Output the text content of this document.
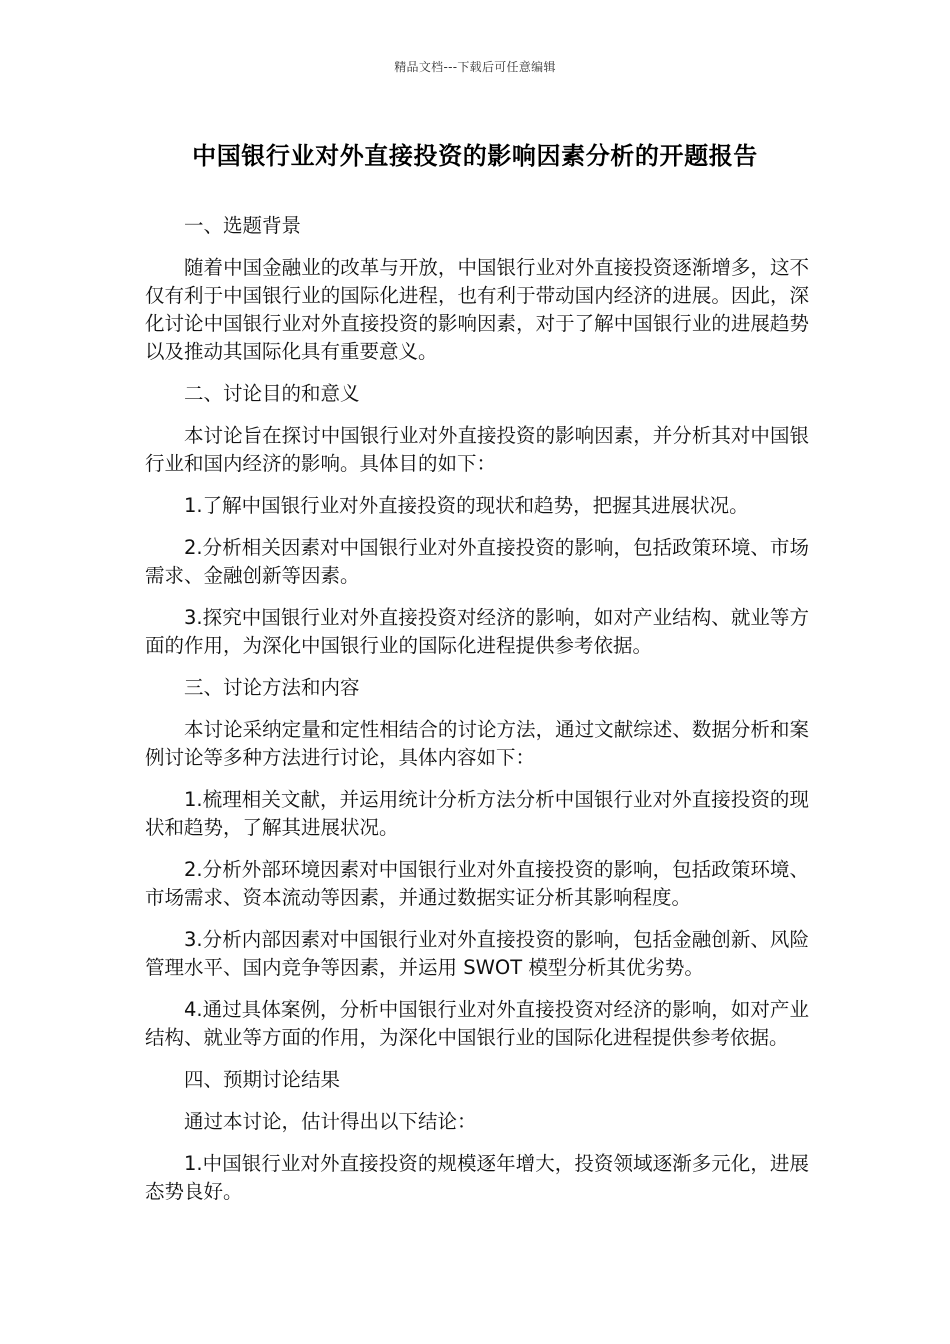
精品文档---下载后可任意编辑
中国银行业对外直接投资的影响因素分析的开题报告
一、选题背景
随着中国金融业的改革与开放，中国银行业对外直接投资逐渐增多，这不仅有利于中国银行业的国际化进程，也有利于带动国内经济的进展。因此，深化讨论中国银行业对外直接投资的影响因素，对于了解中国银行业的进展趋势以及推动其国际化具有重要意义。
二、讨论目的和意义
本讨论旨在探讨中国银行业对外直接投资的影响因素，并分析其对中国银行业和国内经济的影响。具体目的如下：
1.了解中国银行业对外直接投资的现状和趋势，把握其进展状况。
2.分析相关因素对中国银行业对外直接投资的影响，包括政策环境、市场需求、金融创新等因素。
3.探究中国银行业对外直接投资对经济的影响，如对产业结构、就业等方面的作用，为深化中国银行业的国际化进程提供参考依据。
三、讨论方法和内容
本讨论采纳定量和定性相结合的讨论方法，通过文献综述、数据分析和案例讨论等多种方法进行讨论，具体内容如下：
1.梳理相关文献，并运用统计分析方法分析中国银行业对外直接投资的现状和趋势，了解其进展状况。
2.分析外部环境因素对中国银行业对外直接投资的影响，包括政策环境、市场需求、资本流动等因素，并通过数据实证分析其影响程度。
3.分析内部因素对中国银行业对外直接投资的影响，包括金融创新、风险管理水平、国内竞争等因素，并运用 SWOT 模型分析其优劣势。
4.通过具体案例，分析中国银行业对外直接投资对经济的影响，如对产业结构、就业等方面的作用，为深化中国银行业的国际化进程提供参考依据。
四、预期讨论结果
通过本讨论，估计得出以下结论：
1.中国银行业对外直接投资的规模逐年增大，投资领域逐渐多元化，进展态势良好。
